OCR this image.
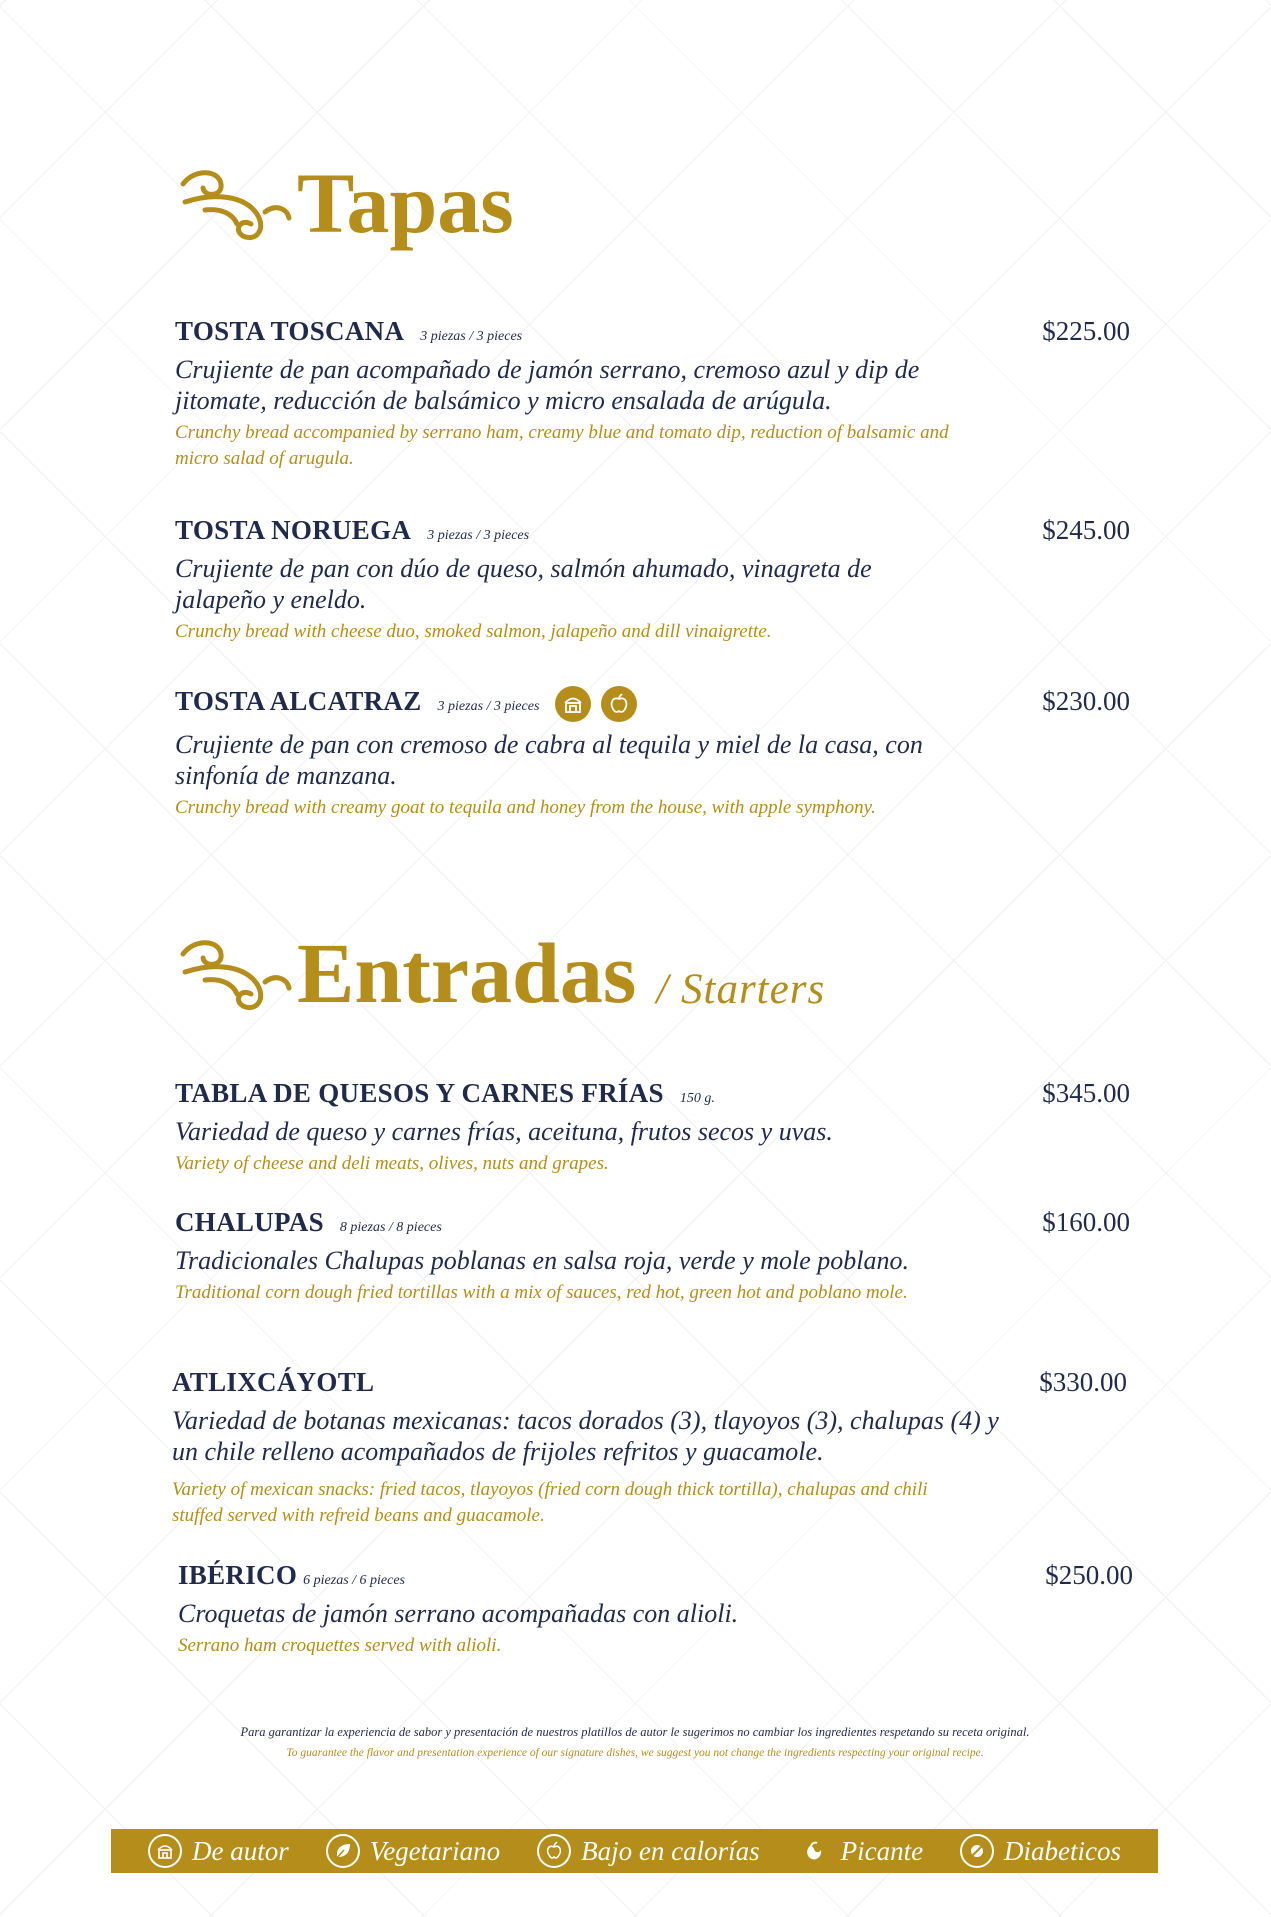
Tapas
TOSTA TOSCANA 3 piezas / 3 pieces	$225.00
Crujiente de pan acompañado de jamón serrano, cremoso azul y dip de jitomate, reducción de balsámico y micro ensalada de arúgula.
Crunchy bread accompanied by serrano ham, creamy blue and tomato dip, reduction of balsamic and micro salad of arugula.
TOSTA NORUEGA 3 piezas / 3 pieces	$245.00
Crujiente de pan con dúo de queso, salmón ahumado, vinagreta de jalapeño y eneldo.
Crunchy bread with cheese duo, smoked salmon, jalapeño and dill vinaigrette.
TOSTA ALCATRAZ 3 piezas / 3 pieces	$230.00
Crujiente de pan con cremoso de cabra al tequila y miel de la casa, con sinfonía de manzana.
Crunchy bread with creamy goat to tequila and honey from the house, with apple symphony.
Entradas / Starters
TABLA DE QUESOS Y CARNES FRÍAS 150 g.	$345.00
Variedad de queso y carnes frías, aceituna, frutos secos y uvas.
Variety of cheese and deli meats, olives, nuts and grapes.
CHALUPAS 8 piezas / 8 pieces	$160.00
Tradicionales Chalupas poblanas en salsa roja, verde y mole poblano.
Traditional corn dough fried tortillas with a mix of sauces, red hot, green hot and poblano mole.
ATLIXCÁYOTL	$330.00
Variedad de botanas mexicanas: tacos dorados (3), tlayoyos (3), chalupas (4) y un chile relleno acompañados de frijoles refritos y guacamole.
Variety of mexican snacks: fried tacos, tlayoyos (fried corn dough thick tortilla), chalupas and chili stuffed served with refreid beans and guacamole.
IBÉRICO 6 piezas / 6 pieces	$250.00
Croquetas de jamón serrano acompañadas con alioli.
Serrano ham croquettes served with alioli.
Para garantizar la experiencia de sabor y presentación de nuestros platillos de autor le sugerimos no cambiar los ingredientes respetando su receta original.
To guarantee the flavor and presentation experience of our signature dishes, we suggest you not change the ingredients respecting your original recipe.
De autor	Vegetariano	Bajo en calorías	Picante	Diabeticos
